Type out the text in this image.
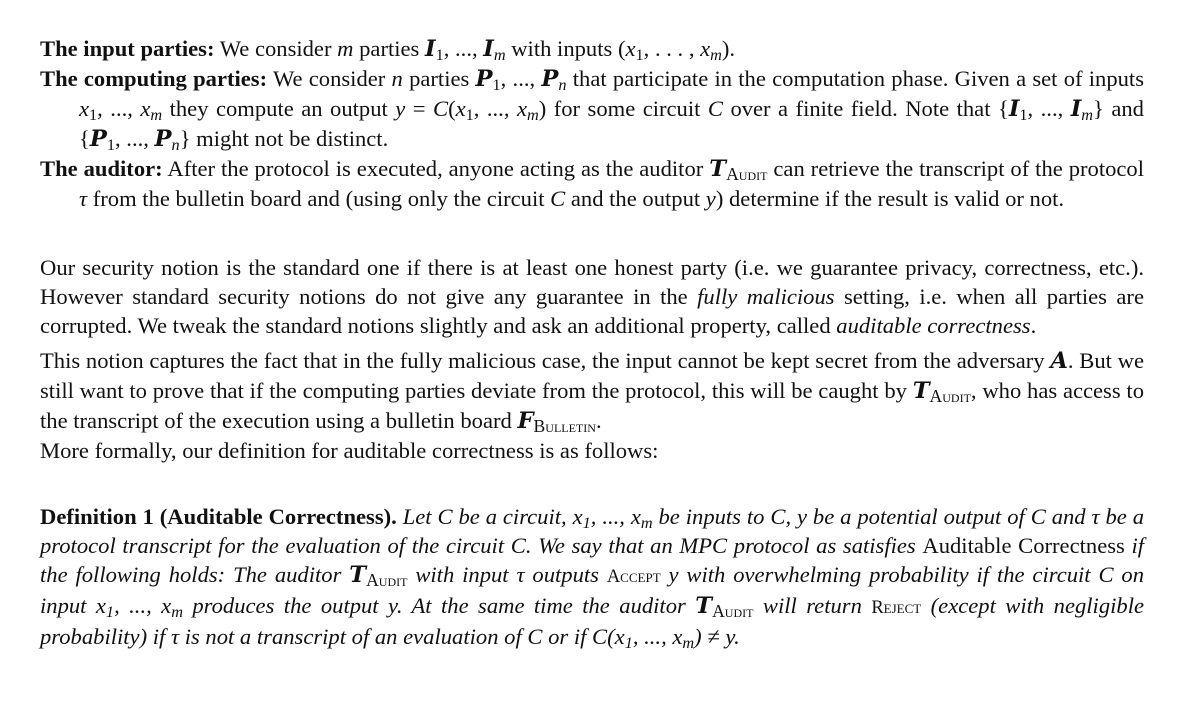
The input parties: We consider m parties $I_1$, ..., $I_m$ with inputs ($x_1$, . . . , $x_m$).
The computing parties: We consider n parties $P_1$, ..., $P_n$ that participate in the computation phase. Given a set of inputs $x_1$, ..., $x_m$ they compute an output $y = C(x_1$, ..., $x_m$) for some circuit C over a finite field. Note that {$I_1$, ..., $I_m$} and {$P_1$, ..., $P_n$} might not be distinct.
The auditor: After the protocol is executed, anyone acting as the auditor TAudit can retrieve the transcript of the protocol τ from the bulletin board and (using only the circuit C and the output y) determine if the result is valid or not.
Our security notion is the standard one if there is at least one honest party (i.e. we guarantee privacy, correctness, etc.). However standard security notions do not give any guarantee in the fully malicious setting, i.e. when all parties are corrupted. We tweak the standard notions slightly and ask an additional property, called auditable correctness.
This notion captures the fact that in the fully malicious case, the input cannot be kept secret from the adversary A. But we still want to prove that if the computing parties deviate from the protocol, this will be caught by TAudit, who has access to the transcript of the execution using a bulletin board FBulletin.
More formally, our definition for auditable correctness is as follows:
Definition 1 (Auditable Correctness). Let C be a circuit, $x_1$, ..., $x_m$ be inputs to C, y be a potential output of C and τ be a protocol transcript for the evaluation of the circuit C. We say that an MPC protocol as satisfies Auditable Correctness if the following holds: The auditor TAudit with input τ outputs Accept y with overwhelming probability if the circuit C on input $x_1$, ..., $x_m$ produces the output y. At the same time the auditor TAudit will return Reject (except with negligible probability) if τ is not a transcript of an evaluation of C or if $C(x_1$, ..., $x_m) \ne y$.
